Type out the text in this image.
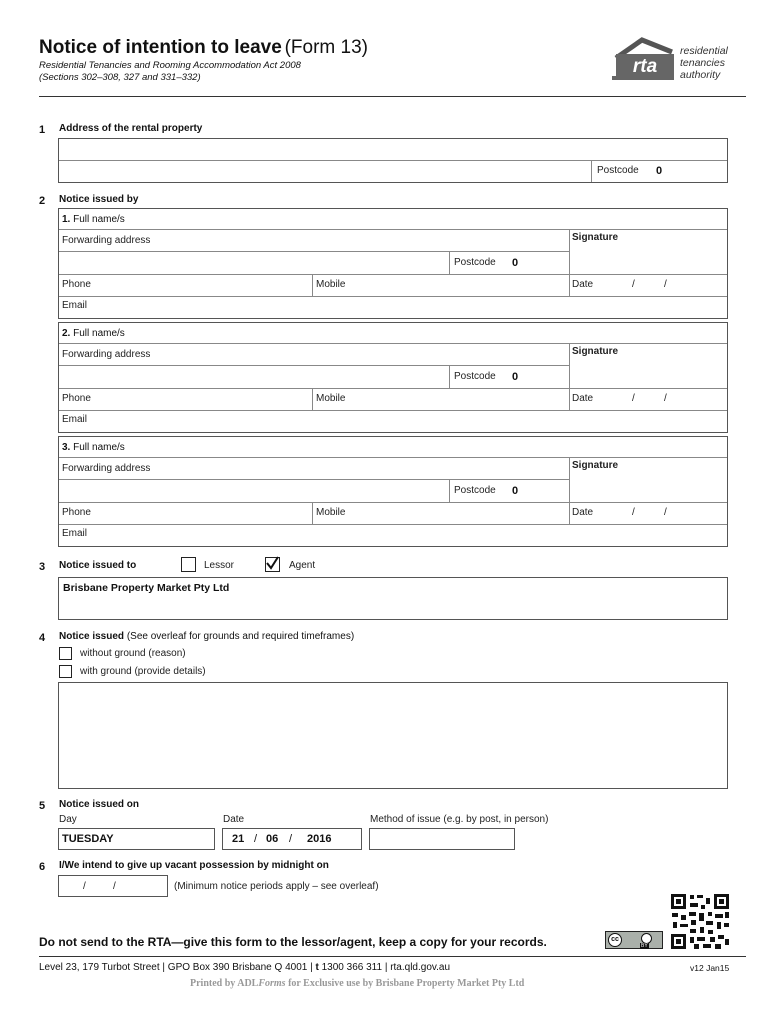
Notice of intention to leave (Form 13)
Residential Tenancies and Rooming Accommodation Act 2008
(Sections 302–308, 327 and 331–332)
rta
residential
tenancies
authority
1 Address of the rental property
Postcode 0
2 Notice issued by
1. Full name/s
Forwarding address	Signature
Postcode 0
Phone	Mobile	Date	/	/
Email
2. Full name/s
Forwarding address	Signature
Postcode 0
Phone	Mobile	Date	/	/
Email
3. Full name/s
Forwarding address	Signature
Postcode 0
Phone	Mobile	Date	/	/
Email
3 Notice issued to	Lessor	Agent
Brisbane Property Market Pty Ltd
4 Notice issued (See overleaf for grounds and required timeframes)
without ground (reason)
with ground (provide details)
5 Notice issued on
Day	Date	Method of issue (e.g. by post, in person)
TUESDAY	21 / 06 / 2016
6 I/We intend to give up vacant possession by midnight on
/	/	(Minimum notice periods apply – see overleaf)
Do not send to the RTA—give this form to the lessor/agent, keep a copy for your records.	cc
BY
Level 23, 179 Turbot Street | GPO Box 390 Brisbane Q 4001 | t 1300 366 311 | rta.qld.gov.au	v12 Jan15
Printed by ADLForms for Exclusive use by Brisbane Property Market Pty Ltd
